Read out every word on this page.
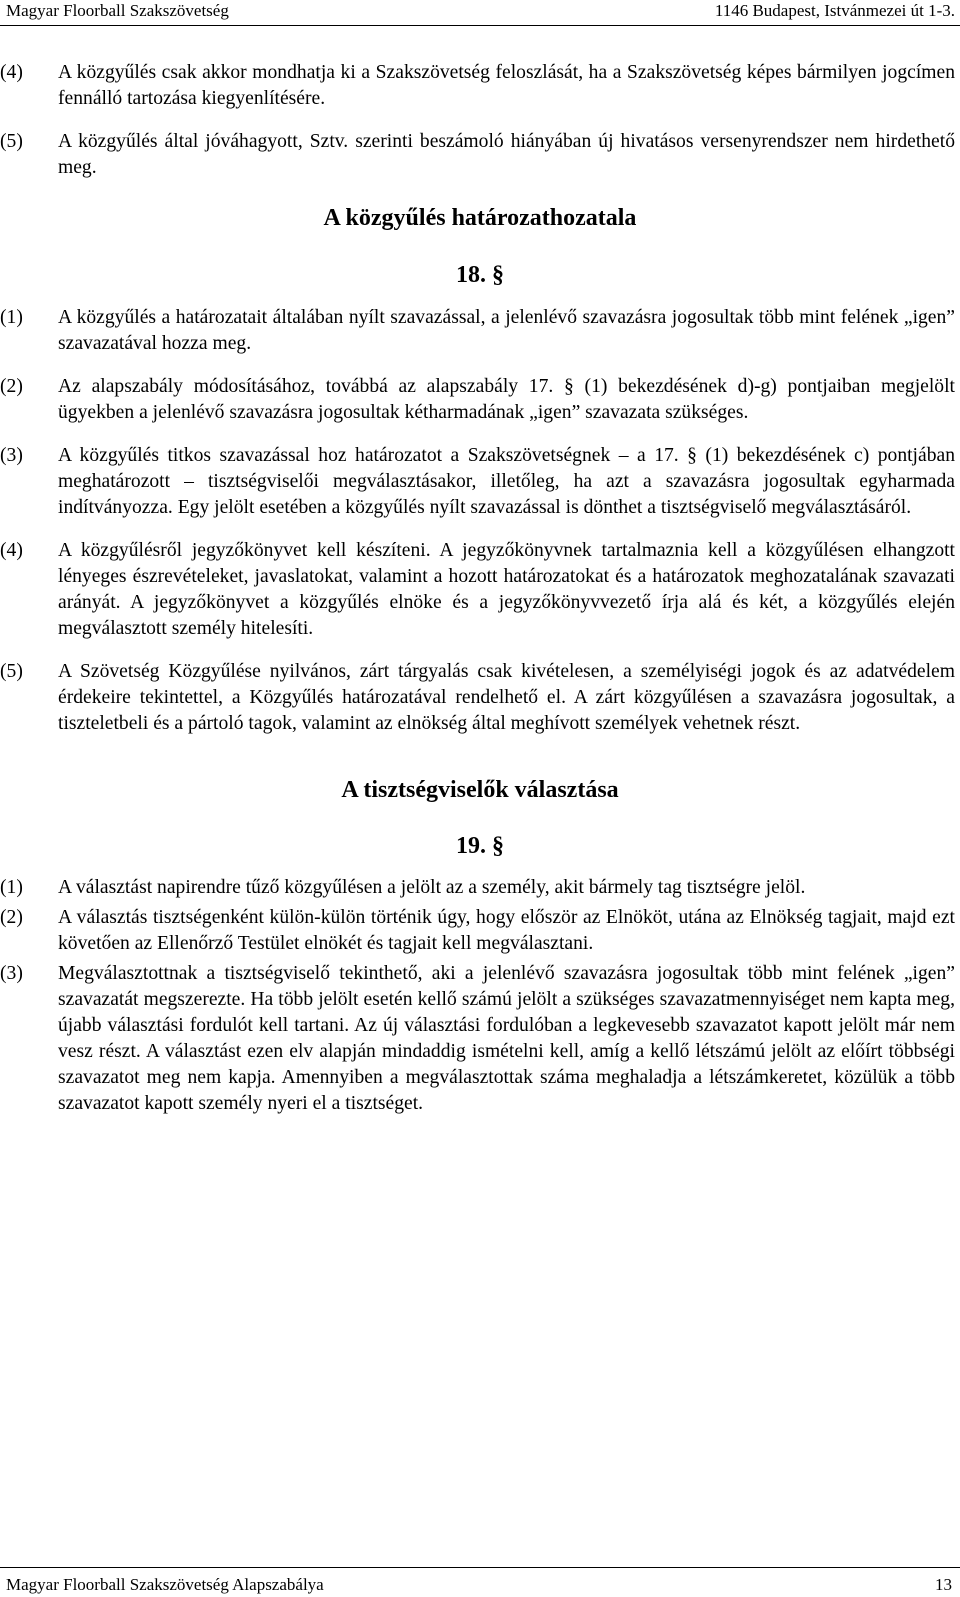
Magyar Floorball Szakszövetség	1146 Budapest, Istvánmezei út 1-3.
(4) A közgyűlés csak akkor mondhatja ki a Szakszövetség feloszlását, ha a Szakszövetség képes bármilyen jogcímen fennálló tartozása kiegyenlítésére.
(5) A közgyűlés által jóváhagyott, Sztv. szerinti beszámoló hiányában új hivatásos versenyrendszer nem hirdethető meg.
A közgyűlés határozathozatala
18. §
(1) A közgyűlés a határozatait általában nyílt szavazással, a jelenlévő szavazásra jogosultak több mint felének „igen” szavazatával hozza meg.
(2) Az alapszabály módosításához, továbbá az alapszabály 17. § (1) bekezdésének d)-g) pontjaiban megjelölt ügyekben a jelenlévő szavazásra jogosultak kétharmadának „igen” szavazata szükséges.
(3) A közgyűlés titkos szavazással hoz határozatot a Szakszövetségnek – a 17. § (1) bekezdésének c) pontjában meghatározott – tisztségviselői megválasztásakor, illetőleg, ha azt a szavazásra jogosultak egyharmada indítványozza. Egy jelölt esetében a közgyűlés nyílt szavazással is dönthet a tisztségviselő megválasztásáról.
(4) A közgyűlésről jegyzőkönyvet kell készíteni. A jegyzőkönyvnek tartalmaznia kell a közgyűlésen elhangzott lényeges észrevételeket, javaslatokat, valamint a hozott határozatokat és a határozatok meghozatalának szavazati arányát. A jegyzőkönyvet a közgyűlés elnöke és a jegyzőkönyvvezető írja alá és két, a közgyűlés elején megválasztott személy hitelesíti.
(5) A Szövetség Közgyűlése nyilvános, zárt tárgyalás csak kivételesen, a személyiségi jogok és az adatvédelem érdekeire tekintettel, a Közgyűlés határozatával rendelhető el. A zárt közgyűlésen a szavazásra jogosultak, a tiszteletbeli és a pártoló tagok, valamint az elnökség által meghívott személyek vehetnek részt.
A tisztségviselők választása
19. §
(1) A választást napirendre tűző közgyűlésen a jelölt az a személy, akit bármely tag tisztségre jelöl.
(2) A választás tisztségenként külön-külön történik úgy, hogy először az Elnököt, utána az Elnökség tagjait, majd ezt követően az Ellenőrző Testület elnökét és tagjait kell megválasztani.
(3) Megválasztottnak a tisztségviselő tekinthető, aki a jelenlévő szavazásra jogosultak több mint felének „igen” szavazatát megszerezte. Ha több jelölt esetén kellő számú jelölt a szükséges szavazatmennyiséget nem kapta meg, újabb választási fordulót kell tartani. Az új választási fordulóban a legkevesebb szavazatot kapott jelölt már nem vesz részt. A választást ezen elv alapján mindaddig ismételni kell, amíg a kellő létszámú jelölt az előírt többségi szavazatot meg nem kapja. Amennyiben a megválasztottak száma meghaladja a létszámkeretet, közülük a több szavazatot kapott személy nyeri el a tisztséget.
Magyar Floorball Szakszövetség Alapszabálya	13
